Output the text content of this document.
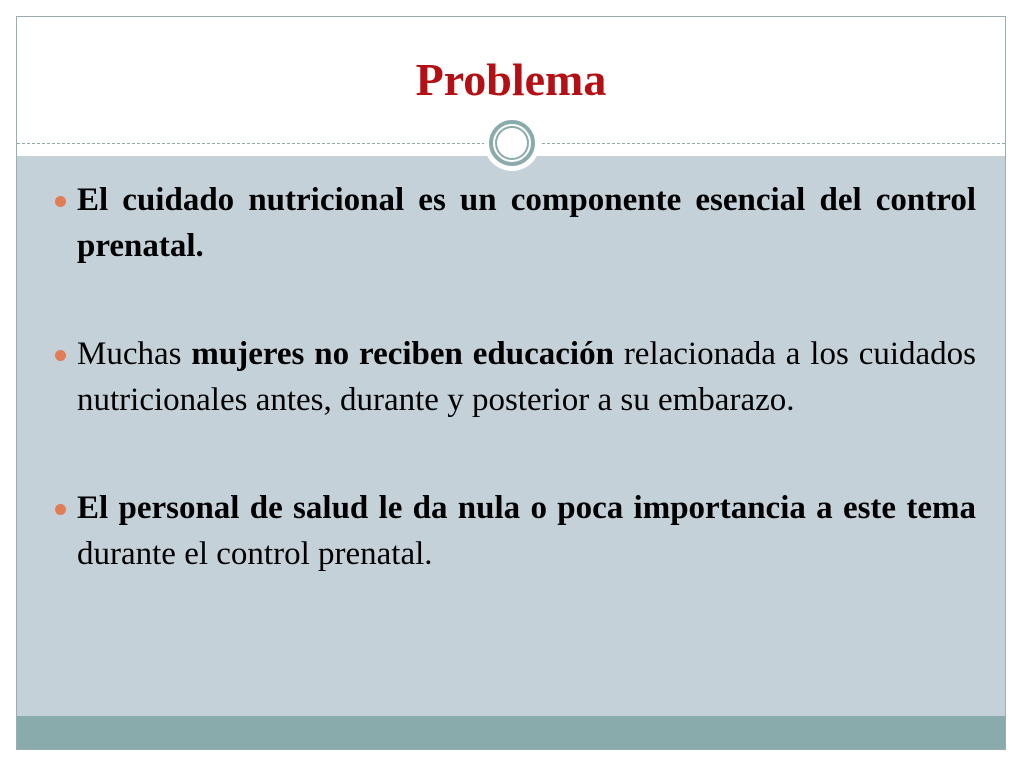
Problema
El cuidado nutricional es un componente esencial del control prenatal.
Muchas mujeres no reciben educación relacionada a los cuidados nutricionales antes, durante y posterior a su embarazo.
El personal de salud le da nula o poca importancia a este tema durante el control prenatal.
